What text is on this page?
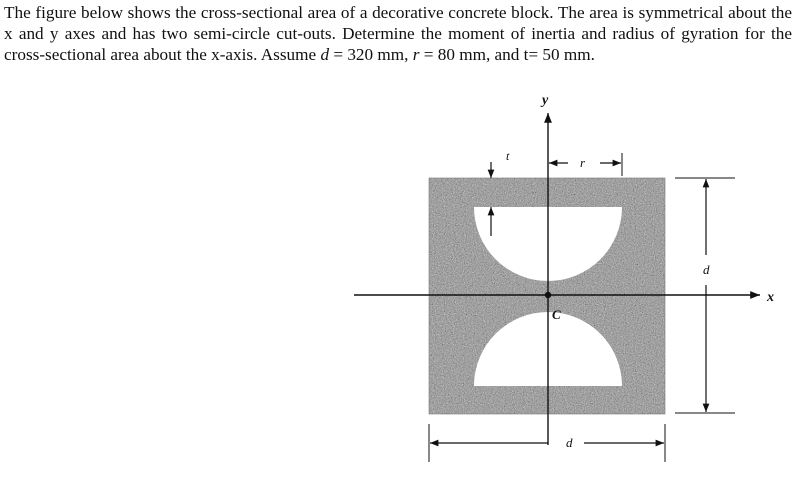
The figure below shows the cross-sectional area of a decorative concrete block. The area is symmetrical about the x and y axes and has two semi-circle cut-outs. Determine the moment of inertia and radius of gyration for the cross-sectional area about the x-axis. Assume d = 320 mm, r = 80 mm, and t= 50 mm.

y
x
t	r
d
d
C
